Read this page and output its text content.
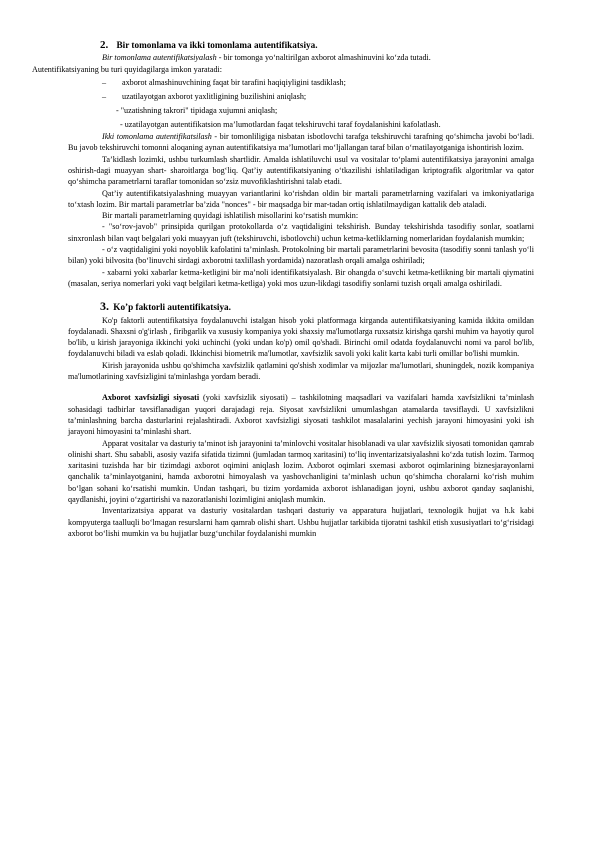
2. Bir tomonlama va ikki tomonlama autentifikatsiya.

Bir tomonlama autentifikatsiyalash - bir tomonga yo‘naltirilgan axborot almashinuvini ko‘zda tutadi.

Autentifikatsiyaning bu turi quyidagilarga imkon yaratadi:

–	axborot almashinuvchining faqat bir tarafini haqiqiyligini tasdiklash;
–	uzatilayotgan axborot yaxlitligining buzilishini aniqlash;
- "uzatishning takrori" tipidaga xujumni aniqlash;
- uzatilayotgan autentifikatsion ma’lumotlardan faqat tekshiruvchi taraf foydalanishini kafolatlash.

Ikki tomonlama autentifikatsilash - bir tomonliligiga nisbatan isbotlovchi tarafga tekshiruvchi tarafning qo‘shimcha javobi bo‘ladi. Bu javob tekshiruvchi tomonni aloqaning aynan autentifikatsiya ma’lumotlari mo‘ljallangan taraf bilan o‘rnatilayotganiga ishontirish lozim.

Ta’kidlash lozimki, ushbu turkumlash shartlidir. Amalda ishlatiluvchi usul va vositalar to‘plami autentifikatsiya jarayonini amalga oshirish-dagi muayyan shart- sharoitlarga bog‘liq. Qat’iy autentifikatsiyaning o‘tkazilishi ishlatiladigan kriptografik algoritmlar va qator qo‘shimcha parametrlarni taraflar tomonidan so‘zsiz muvofiklashtirishni talab etadi.

Qat’iy autentifikatsiyalashning muayyan variantlarini ko‘rishdan oldin bir martali parametrlarning vazifalari va imkoniyatlariga to‘xtash lozim. Bir martali parametrlar ba’zida "nonces" - bir maqsadga bir mar-tadan ortiq ishlatilmaydigan kattalik deb ataladi.

Bir martali parametrlarning quyidagi ishlatilish misollarini ko‘rsatish mumkin:

- "so‘rov-javob" prinsipida qurilgan protokollarda o‘z vaqtidaligini tekshirish. Bunday tekshirishda tasodifiy sonlar, soatlarni sinxronlash bilan vaqt belgalari yoki muayyan juft (tekshiruvchi, isbotlovchi) uchun ketma-ketliklarning nomerlaridan foydalanish mumkin;

- o‘z vaqtidaligini yoki noyoblik kafolatini ta’minlash. Protokolning bir martali parametrlarini bevosita (tasodifiy sonni tanlash yo‘li bilan) yoki bilvosita (bo‘linuvchi sirdagi axborotni taxlillash yordamida) nazoratlash orqali amalga oshiriladi;

- xabarni yoki xabarlar ketma-ketligini bir ma’noli identifikatsiyalash. Bir ohangda o‘suvchi ketma-ketlikning bir martali qiymatini (masalan, seriya nomerlari yoki vaqt belgilari ketma-ketliga) yoki mos uzun-likdagi tasodifiy sonlarni tuzish orqali amalga oshiriladi.

3. Ko’p faktorli autentifikatsiya.

Ko'p faktorli autentifikatsiya foydalanuvchi istalgan hisob yoki platformaga kirganda autentifikatsiyaning kamida ikkita omildan foydalanadi. Shaxsni o'g'irlash , firibgarlik va xususiy kompaniya yoki shaxsiy ma'lumotlarga ruxsatsiz kirishga qarshi muhim va hayotiy qurol bo'lib, u kirish jarayoniga ikkinchi yoki uchinchi (yoki undan ko'p) omil qo'shadi. Birinchi omil odatda foydalanuvchi nomi va parol bo'lib, foydalanuvchi biladi va eslab qoladi. Ikkinchisi biometrik ma'lumotlar, xavfsizlik savoli yoki kalit karta kabi turli omillar bo'lishi mumkin.

Kirish jarayonida ushbu qo'shimcha xavfsizlik qatlamini qo'shish xodimlar va mijozlar ma'lumotlari, shuningdek, nozik kompaniya ma'lumotlarining xavfsizligini ta'minlashga yordam beradi.

Axborot xavfsizligi siyosati (yoki xavfsizlik siyosati) – tashkilotning maqsadlari va vazifalari hamda xavfsizlikni ta’minlash sohasidagi tadbirlar tavsiflanadigan yuqori darajadagi reja. Siyosat xavfsizlikni umumlashgan atamalarda tavsiflaydi. U xavfsizlikni ta’minlashning barcha dasturlarini rejalashtiradi. Axborot xavfsizligi siyosati tashkilot masalalarini yechish jarayoni himoyasini yoki ish jarayoni himoyasini ta’minlashi shart.

Apparat vositalar va dasturiy ta’minot ish jarayonini ta’minlovchi vositalar hisoblanadi va ular xavfsizlik siyosati tomonidan qamrab olinishi shart. Shu sababli, asosiy vazifa sifatida tizimni (jumladan tarmoq xaritasini) to‘liq inventarizatsiyalashni ko‘zda tutish lozim. Tarmoq xaritasini tuzishda har bir tizimdagi axborot oqimini aniqlash lozim. Axborot oqimlari sxemasi axborot oqimlarining biznesjarayonlarni qanchalik ta’minlayotganini, hamda axborotni himoyalash va yashovchanligini ta’minlash uchun qo‘shimcha choralarni ko‘rish muhim bo‘lgan sohani ko‘rsatishi mumkin. Undan tashqari, bu tizim yordamida axborot ishlanadigan joyni, ushbu axborot qanday saqlanishi, qaydlanishi, joyini o‘zgartirishi va nazoratlanishi lozimligini aniqlash mumkin.

Inventarizatsiya apparat va dasturiy vositalardan tashqari dasturiy va apparatura hujjatlari, texnologik hujjat va h.k kabi kompyuterga taalluqli bo‘lmagan resurslarni ham qamrab olishi shart. Ushbu hujjatlar tarkibida tijoratni tashkil etish xususiyatlari to‘g‘risidagi axborot bo‘lishi mumkin va bu hujjatlar buzg‘unchilar foydalanishi mumkin
